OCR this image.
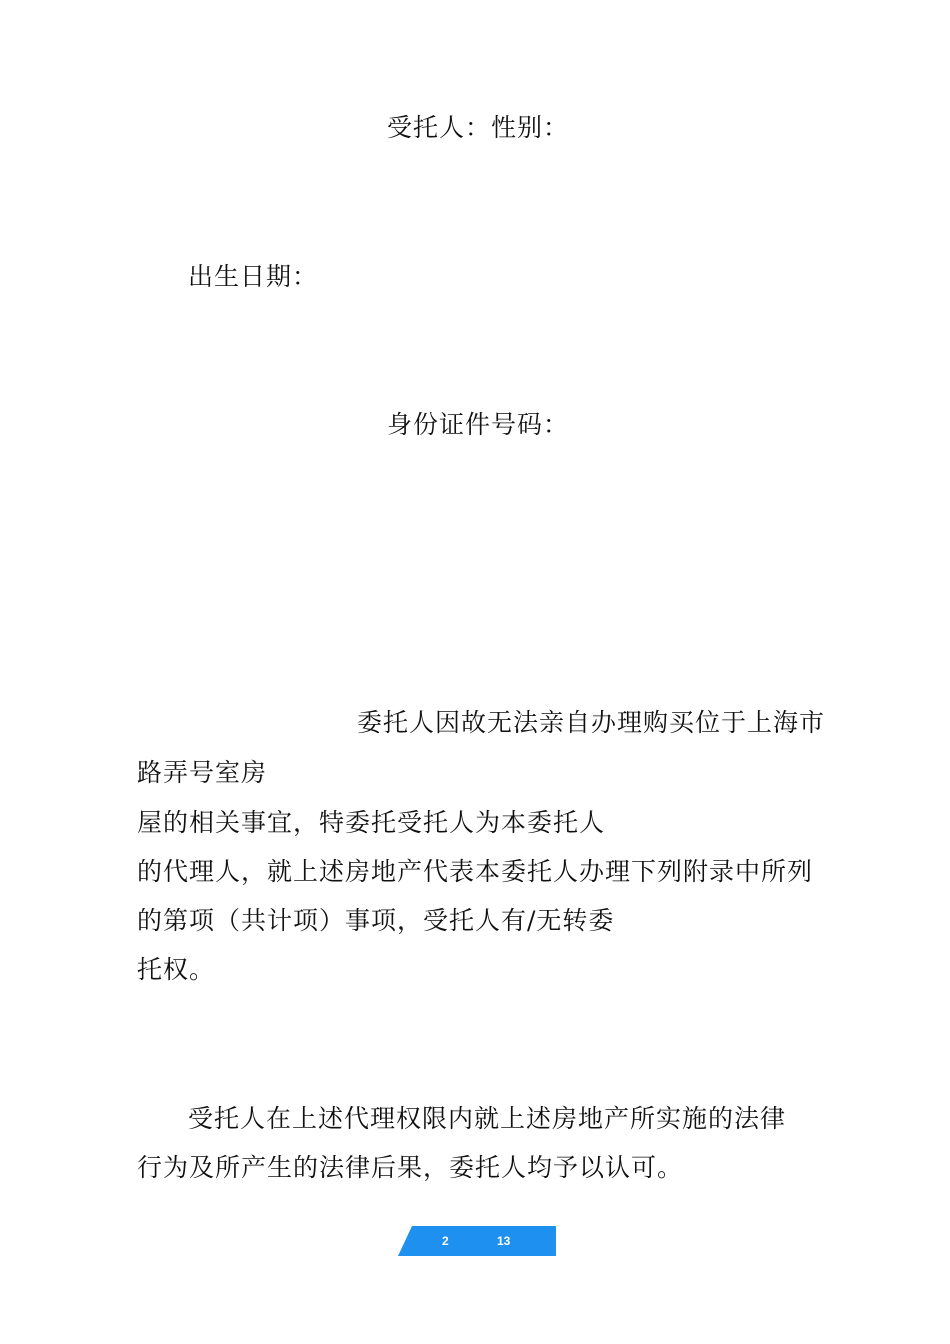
受托人：性别：
出生日期：
身份证件号码：
委托人因故无法亲自办理购买位于上海市
路弄号室房
屋的相关事宜，特委托受托人为本委托人
的代理人，就上述房地产代表本委托人办理下列附录中所列
的第项（共计项）事项，受托人有/无转委
托权。
受托人在上述代理权限内就上述房地产所实施的法律
行为及所产生的法律后果，委托人均予以认可。
2	13
